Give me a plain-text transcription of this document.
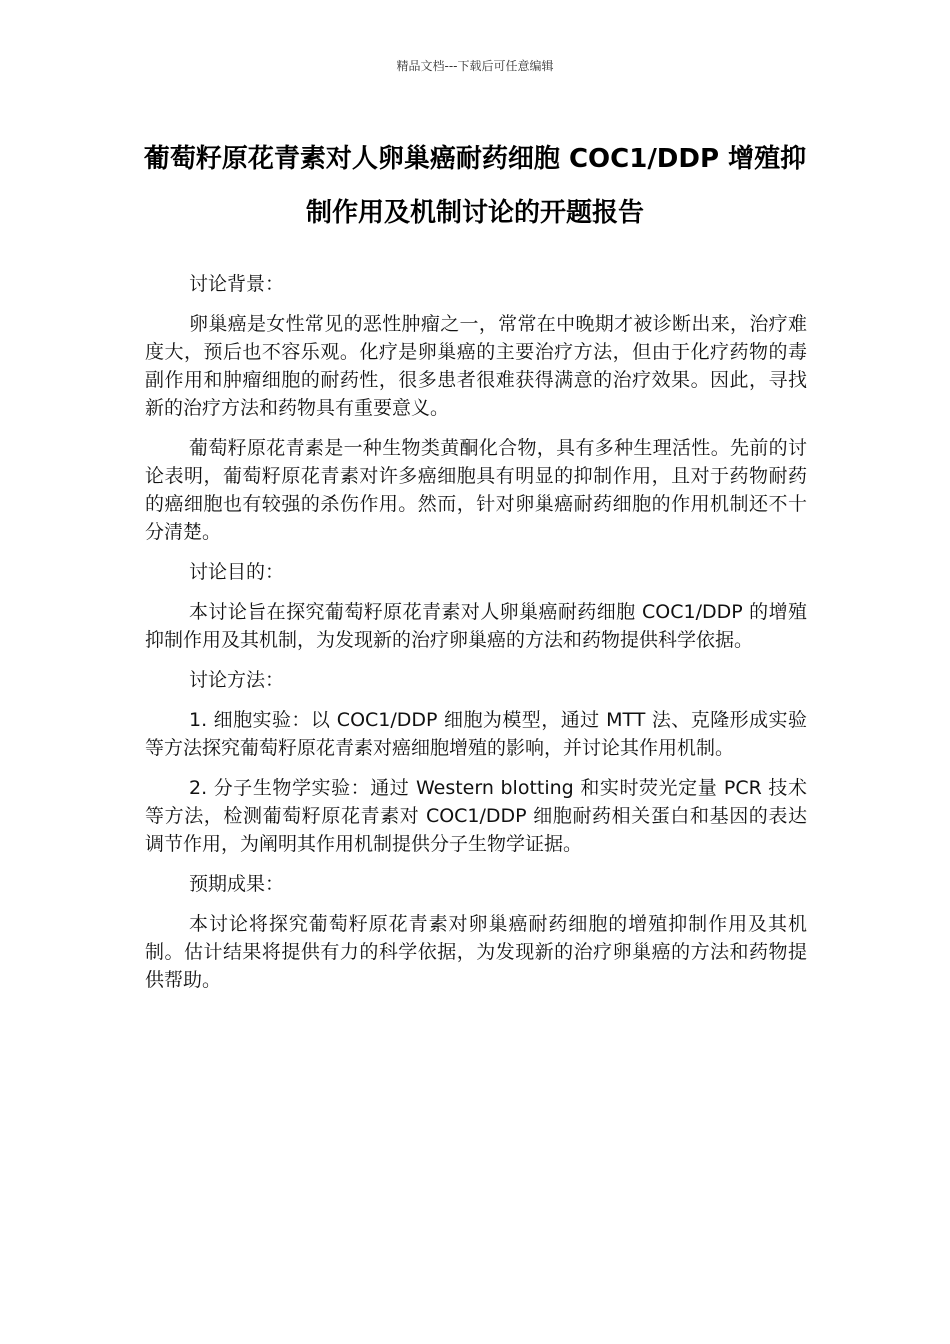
精品文档---下载后可任意编辑
葡萄籽原花青素对人卵巢癌耐药细胞 COC1/DDP 增殖抑制作用及机制讨论的开题报告

讨论背景：

卵巢癌是女性常见的恶性肿瘤之一，常常在中晚期才被诊断出来，治疗难度大，预后也不容乐观。化疗是卵巢癌的主要治疗方法，但由于化疗药物的毒副作用和肿瘤细胞的耐药性，很多患者很难获得满意的治疗效果。因此，寻找新的治疗方法和药物具有重要意义。

葡萄籽原花青素是一种生物类黄酮化合物，具有多种生理活性。先前的讨论表明，葡萄籽原花青素对许多癌细胞具有明显的抑制作用，且对于药物耐药的癌细胞也有较强的杀伤作用。然而，针对卵巢癌耐药细胞的作用机制还不十分清楚。

讨论目的：

本讨论旨在探究葡萄籽原花青素对人卵巢癌耐药细胞 COC1/DDP 的增殖抑制作用及其机制，为发现新的治疗卵巢癌的方法和药物提供科学依据。

讨论方法：

1. 细胞实验：以 COC1/DDP 细胞为模型，通过 MTT 法、克隆形成实验等方法探究葡萄籽原花青素对癌细胞增殖的影响，并讨论其作用机制。

2. 分子生物学实验：通过 Western blotting 和实时荧光定量 PCR 技术等方法，检测葡萄籽原花青素对 COC1/DDP 细胞耐药相关蛋白和基因的表达调节作用，为阐明其作用机制提供分子生物学证据。

预期成果：

本讨论将探究葡萄籽原花青素对卵巢癌耐药细胞的增殖抑制作用及其机制。估计结果将提供有力的科学依据，为发现新的治疗卵巢癌的方法和药物提供帮助。
